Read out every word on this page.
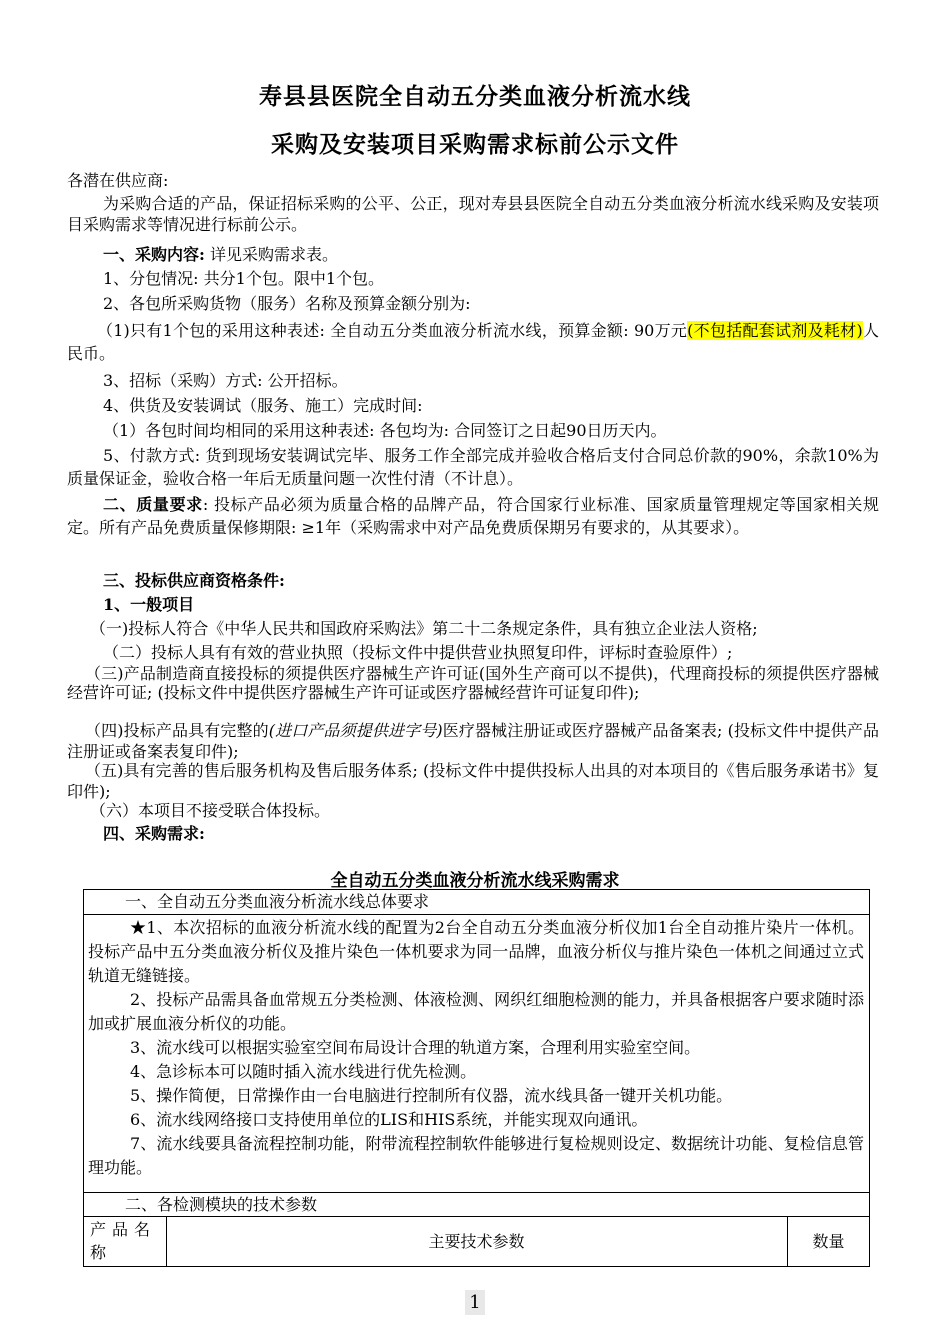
寿县县医院全自动五分类血液分析流水线
采购及安装项目采购需求标前公示文件
各潜在供应商:
为采购合适的产品，保证招标采购的公平、公正，现对寿县县医院全自动五分类血液分析流水线采购及安装项目采购需求等情况进行标前公示。
一、采购内容: 详见采购需求表。
1、分包情况: 共分1个包。限中1个包。
2、各包所采购货物（服务）名称及预算金额分别为:
（1)只有1个包的采用这种表述: 全自动五分类血液分析流水线，预算金额: 90万元(不包括配套试剂及耗材)人民币。
3、招标（采购）方式: 公开招标。
4、供货及安装调试（服务、施工）完成时间:
（1）各包时间均相同的采用这种表述: 各包均为: 合同签订之日起90日历天内。
5、付款方式: 货到现场安装调试完毕、服务工作全部完成并验收合格后支付合同总价款的90%，余款10%为质量保证金，验收合格一年后无质量问题一次性付清（不计息）。
二、质量要求: 投标产品必须为质量合格的品牌产品，符合国家行业标准、国家质量管理规定等国家相关规定。所有产品免费质量保修期限: ≥1年（采购需求中对产品免费质保期另有要求的，从其要求）。
三、投标供应商资格条件:
1、一般项目
（一)投标人符合《中华人民共和国政府采购法》第二十二条规定条件，具有独立企业法人资格;
（二）投标人具有有效的营业执照（投标文件中提供营业执照复印件，评标时查验原件）;
（三)产品制造商直接投标的须提供医疗器械生产许可证(国外生产商可以不提供)，代理商投标的须提供医疗器械经营许可证; (投标文件中提供医疗器械生产许可证或医疗器械经营许可证复印件);
（四)投标产品具有完整的(进口产品须提供进字号)医疗器械注册证或医疗器械产品备案表; (投标文件中提供产品注册证或备案表复印件);
（五)具有完善的售后服务机构及售后服务体系; (投标文件中提供投标人出具的对本项目的《售后服务承诺书》复印件);
（六）本项目不接受联合体投标。
四、采购需求:
全自动五分类血液分析流水线采购需求
一、全自动五分类血液分析流水线总体要求
★1、本次招标的血液分析流水线的配置为2台全自动五分类血液分析仪加1台全自动推片染片一体机。投标产品中五分类血液分析仪及推片染色一体机要求为同一品牌，血液分析仪与推片染色一体机之间通过立式轨道无缝链接。
2、投标产品需具备血常规五分类检测、体液检测、网织红细胞检测的能力，并具备根据客户要求随时添加或扩展血液分析仪的功能。
3、流水线可以根据实验室空间布局设计合理的轨道方案，合理利用实验室空间。
4、急诊标本可以随时插入流水线进行优先检测。
5、操作简便，日常操作由一台电脑进行控制所有仪器，流水线具备一键开关机功能。
6、流水线网络接口支持使用单位的LIS和HIS系统，并能实现双向通讯。
7、流水线要具备流程控制功能，附带流程控制软件能够进行复检规则设定、数据统计功能、复检信息管理功能。
二、各检测模块的技术参数
产品名称
主要技术参数	数量
1
